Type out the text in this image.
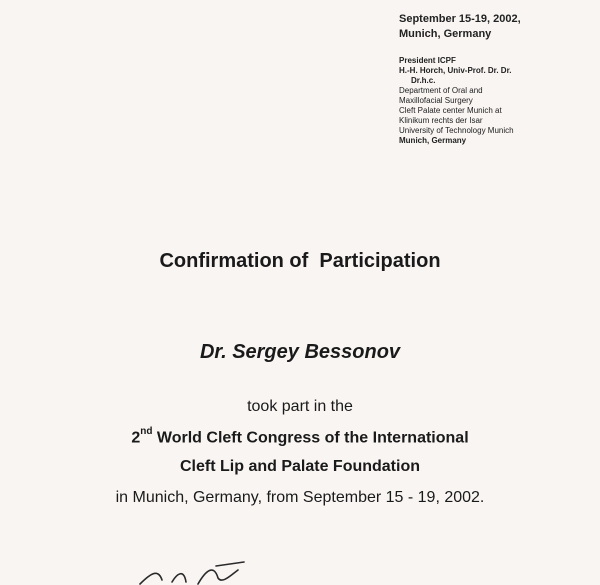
September 15-19, 2002,
Munich, Germany
President ICPF
H.-H. Horch, Univ-Prof. Dr. Dr.
Dr.h.c.
Department of Oral and
Maxillofacial Surgery
Cleft Palate center Munich at
Klinikum rechts der Isar
University of Technology Munich
Munich, Germany
Confirmation of  Participation
Dr. Sergey Bessonov
took part in the
2nd World Cleft Congress of the International
Cleft Lip and Palate Foundation
in Munich, Germany, from September 15 - 19, 2002.
